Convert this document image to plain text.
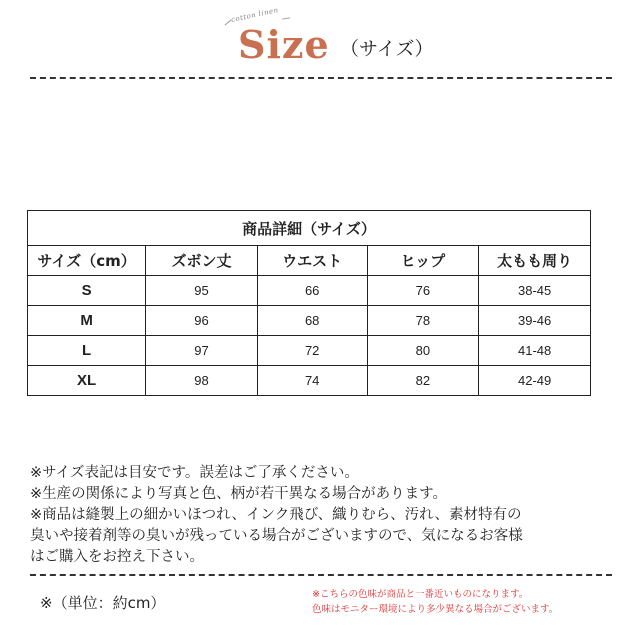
cotton linen
Size （サイズ）
商品詳細（サイズ）				
サイズ（cm）	ズボン丈	ウエスト	ヒップ	太もも周り
S	95	66	76	38-45
M	96	68	78	39-46
L	97	72	80	41-48
XL	98	74	82	42-49
※サイズ表記は目安です。誤差はご了承ください。
※生産の関係により写真と色、柄が若干異なる場合があります。
※商品は縫製上の細かいほつれ、インク飛び、織りむら、汚れ、素材特有の
臭いや接着剤等の臭いが残っている場合がございますので、気になるお客様
はご購入をお控え下さい。
※（単位：約cm）	※こちらの色味が商品と一番近いものになります。
色味はモニター環境により多少異なる場合がございます。
